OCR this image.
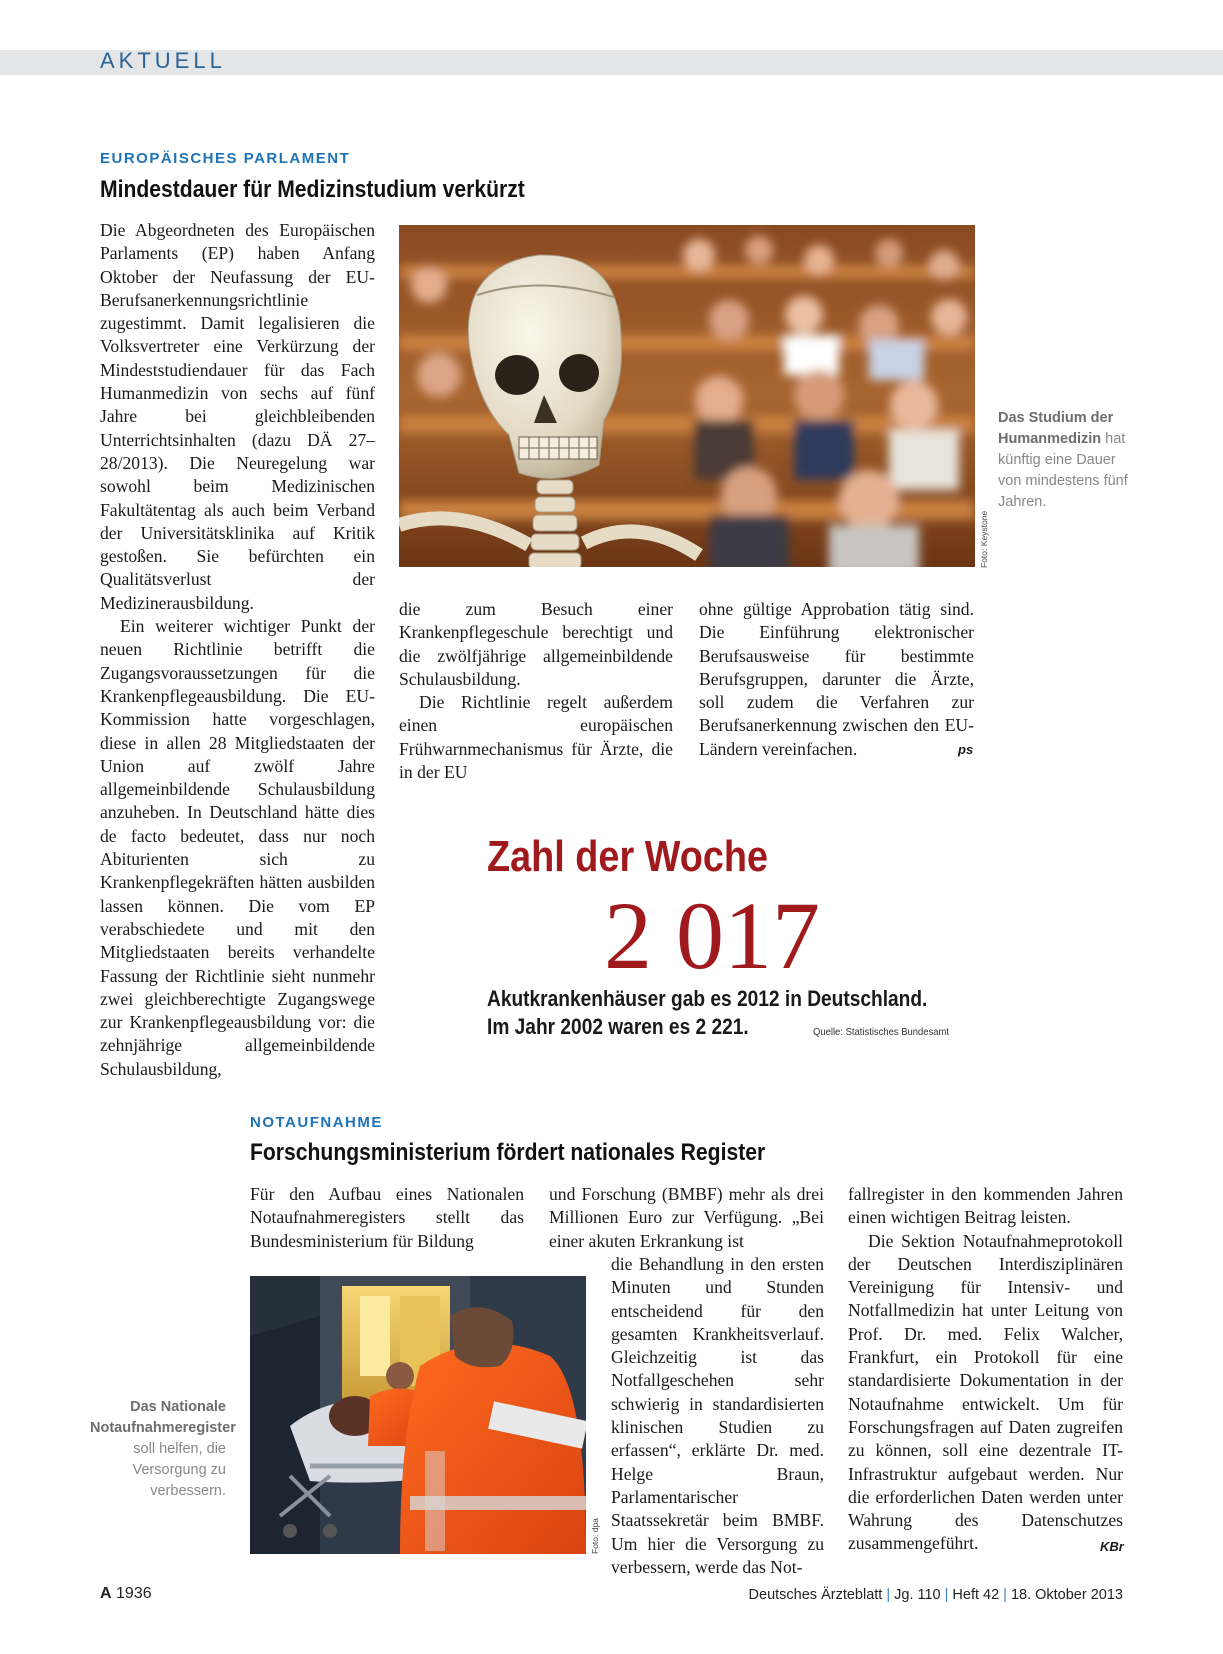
AKTUELL
EUROPÄISCHES PARLAMENT
Mindestdauer für Medizinstudium verkürzt

Die Abgeordneten des Europäischen Parlaments (EP) haben Anfang Oktober der Neufassung der EU-Berufsanerkennungsrichtlinie zugestimmt. Damit legalisieren die Volksvertreter eine Verkürzung der Mindeststudiendauer für das Fach Humanmedizin von sechs auf fünf Jahre bei gleichbleibenden Unterrichtsinhalten (dazu DÄ 27–28/2013). Die Neuregelung war sowohl beim Medizinischen Fakultätentag als auch beim Verband der Universitätsklinika auf Kritik gestoßen. Sie befürchten ein Qualitätsverlust der Medizinerausbildung.

Ein weiterer wichtiger Punkt der neuen Richtlinie betrifft die Zugangsvoraussetzungen für die Krankenpflegeausbildung. Die EU-Kommission hatte vorgeschlagen, diese in allen 28 Mitgliedstaaten der Union auf zwölf Jahre allgemeinbildende Schulausbildung anzuheben. In Deutschland hätte dies de facto bedeutet, dass nur noch Abiturienten sich zu Krankenpflegekräften hätten ausbilden lassen können. Die vom EP verabschiedete und mit den Mitgliedstaaten bereits verhandelte Fassung der Richtlinie sieht nunmehr zwei gleichberechtigte Zugangswege zur Krankenpflegeausbildung vor: die zehnjährige allgemeinbildende Schulausbildung,

Foto: Keystone
Das Studium der Humanmedizin hat künftig eine Dauer von mindestens fünf Jahren.

die zum Besuch einer Krankenpflegeschule berechtigt und die zwölfjährige allgemeinbildende Schulausbildung.

Die Richtlinie regelt außerdem einen europäischen Frühwarnmechanismus für Ärzte, die in der EU

ohne gültige Approbation tätig sind. Die Einführung elektronischer Berufsausweise für bestimmte Berufsgruppen, darunter die Ärzte, soll zudem die Verfahren zur Berufsanerkennung zwischen den EU-Ländern vereinfachen.	ps
Zahl der Woche
2 017
Akutkrankenhäuser gab es 2012 in Deutschland.
Im Jahr 2002 waren es 2 221.	Quelle: Statistisches Bundesamt
NOTAUFNAHME
Forschungsministerium fördert nationales Register

Für den Aufbau eines Nationalen Notaufnahmeregisters stellt das Bundesministerium für Bildung

Foto: dpa
Das Nationale Notaufnahmeregister soll helfen, die Versorgung zu verbessern.

und Forschung (BMBF) mehr als drei Millionen Euro zur Verfügung. „Bei einer akuten Erkrankung ist

die Behandlung in den ersten Minuten und Stunden entscheidend für den gesamten Krankheitsverlauf. Gleichzeitig ist das Notfallgeschehen sehr schwierig in standardisierten klinischen Studien zu erfassen“, erklärte Dr. med. Helge Braun, Parlamentarischer Staatssekretär beim BMBF. Um hier die Versorgung zu verbessern, werde das Not-

fallregister in den kommenden Jahren einen wichtigen Beitrag leisten.

Die Sektion Notaufnahmeprotokoll der Deutschen Interdisziplinären Vereinigung für Intensiv- und Notfallmedizin hat unter Leitung von Prof. Dr. med. Felix Walcher, Frankfurt, ein Protokoll für eine standardisierte Dokumentation in der Notaufnahme entwickelt. Um für Forschungsfragen auf Daten zugreifen zu können, soll eine dezentrale IT-Infrastruktur aufgebaut werden. Nur die erforderlichen Daten werden unter Wahrung des Datenschutzes zusammengeführt.	KBr
A 1936	Deutsches Ärzteblatt | Jg. 110 | Heft 42 | 18. Oktober 2013
